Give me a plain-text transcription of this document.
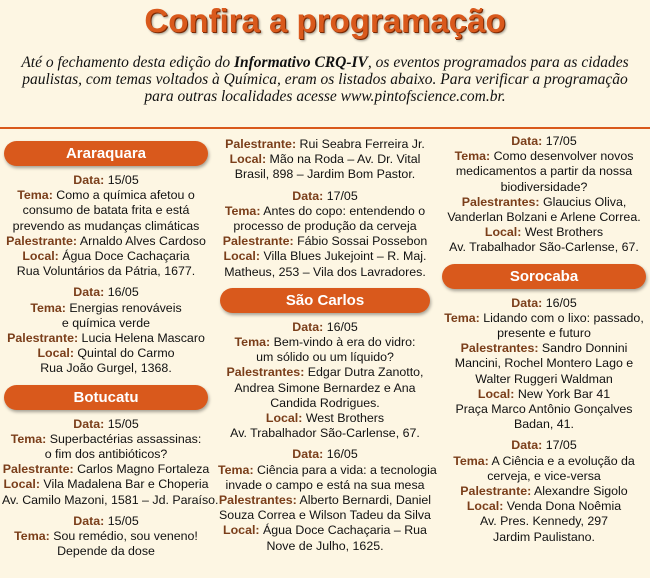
Confira a programação
Até o fechamento desta edição do Informativo CRQ-IV, os eventos programados para as cidades paulistas, com temas voltados à Química, eram os listados abaixo. Para verificar a programação para outras localidades acesse www.pintofscience.com.br.
Araraquara
Data: 15/05
Tema: Como a química afetou o
consumo de batata frita e está
prevendo as mudanças climáticas
Palestrante: Arnaldo Alves Cardoso
Local: Água Doce Cachaçaria
Rua Voluntários da Pátria, 1677.
Data: 16/05
Tema: Energias renováveis
e química verde
Palestrante: Lucia Helena Mascaro
Local: Quintal do Carmo
Rua João Gurgel, 1368.
Botucatu
Data: 15/05
Tema: Superbactérias assassinas:
o fim dos antibióticos?
Palestrante: Carlos Magno Fortaleza
Local: Vila Madalena Bar e Choperia
Av. Camilo Mazoni, 1581 – Jd. Paraíso.
Data: 15/05
Tema: Sou remédio, sou veneno!
Depende da dose
Palestrante: Rui Seabra Ferreira Jr.
Local: Mão na Roda – Av. Dr. Vital
Brasil, 898 – Jardim Bom Pastor.
Data: 17/05
Tema: Antes do copo: entendendo o
processo de produção da cerveja
Palestrante: Fábio Sossai Possebon
Local: Villa Blues Jukejoint – R. Maj.
Matheus, 253 – Vila dos Lavradores.
São Carlos
Data: 16/05
Tema: Bem-vindo à era do vidro:
um sólido ou um líquido?
Palestrantes: Edgar Dutra Zanotto,
Andrea Simone Bernardez e Ana
Candida Rodrigues.
Local: West Brothers
Av. Trabalhador São-Carlense, 67.
Data: 16/05
Tema: Ciência para a vida: a tecnologia
invade o campo e está na sua mesa
Palestrantes: Alberto Bernardi, Daniel
Souza Correa e Wilson Tadeu da Silva
Local: Água Doce Cachaçaria – Rua
Nove de Julho, 1625.
Data: 17/05
Tema: Como desenvolver novos
medicamentos a partir da nossa
biodiversidade?
Palestrantes: Glaucius Oliva,
Vanderlan Bolzani e Arlene Correa.
Local: West Brothers
Av. Trabalhador São-Carlense, 67.
Sorocaba
Data: 16/05
Tema: Lidando com o lixo: passado,
presente e futuro
Palestrantes: Sandro Donnini
Mancini, Rochel Montero Lago e
Walter Ruggeri Waldman
Local: New York Bar 41
Praça Marco Antônio Gonçalves
Badan, 41.
Data: 17/05
Tema: A Ciência e a evolução da
cerveja, e vice-versa
Palestrante: Alexandre Sigolo
Local: Venda Dona Noêmia
Av. Pres. Kennedy, 297
Jardim Paulistano.
